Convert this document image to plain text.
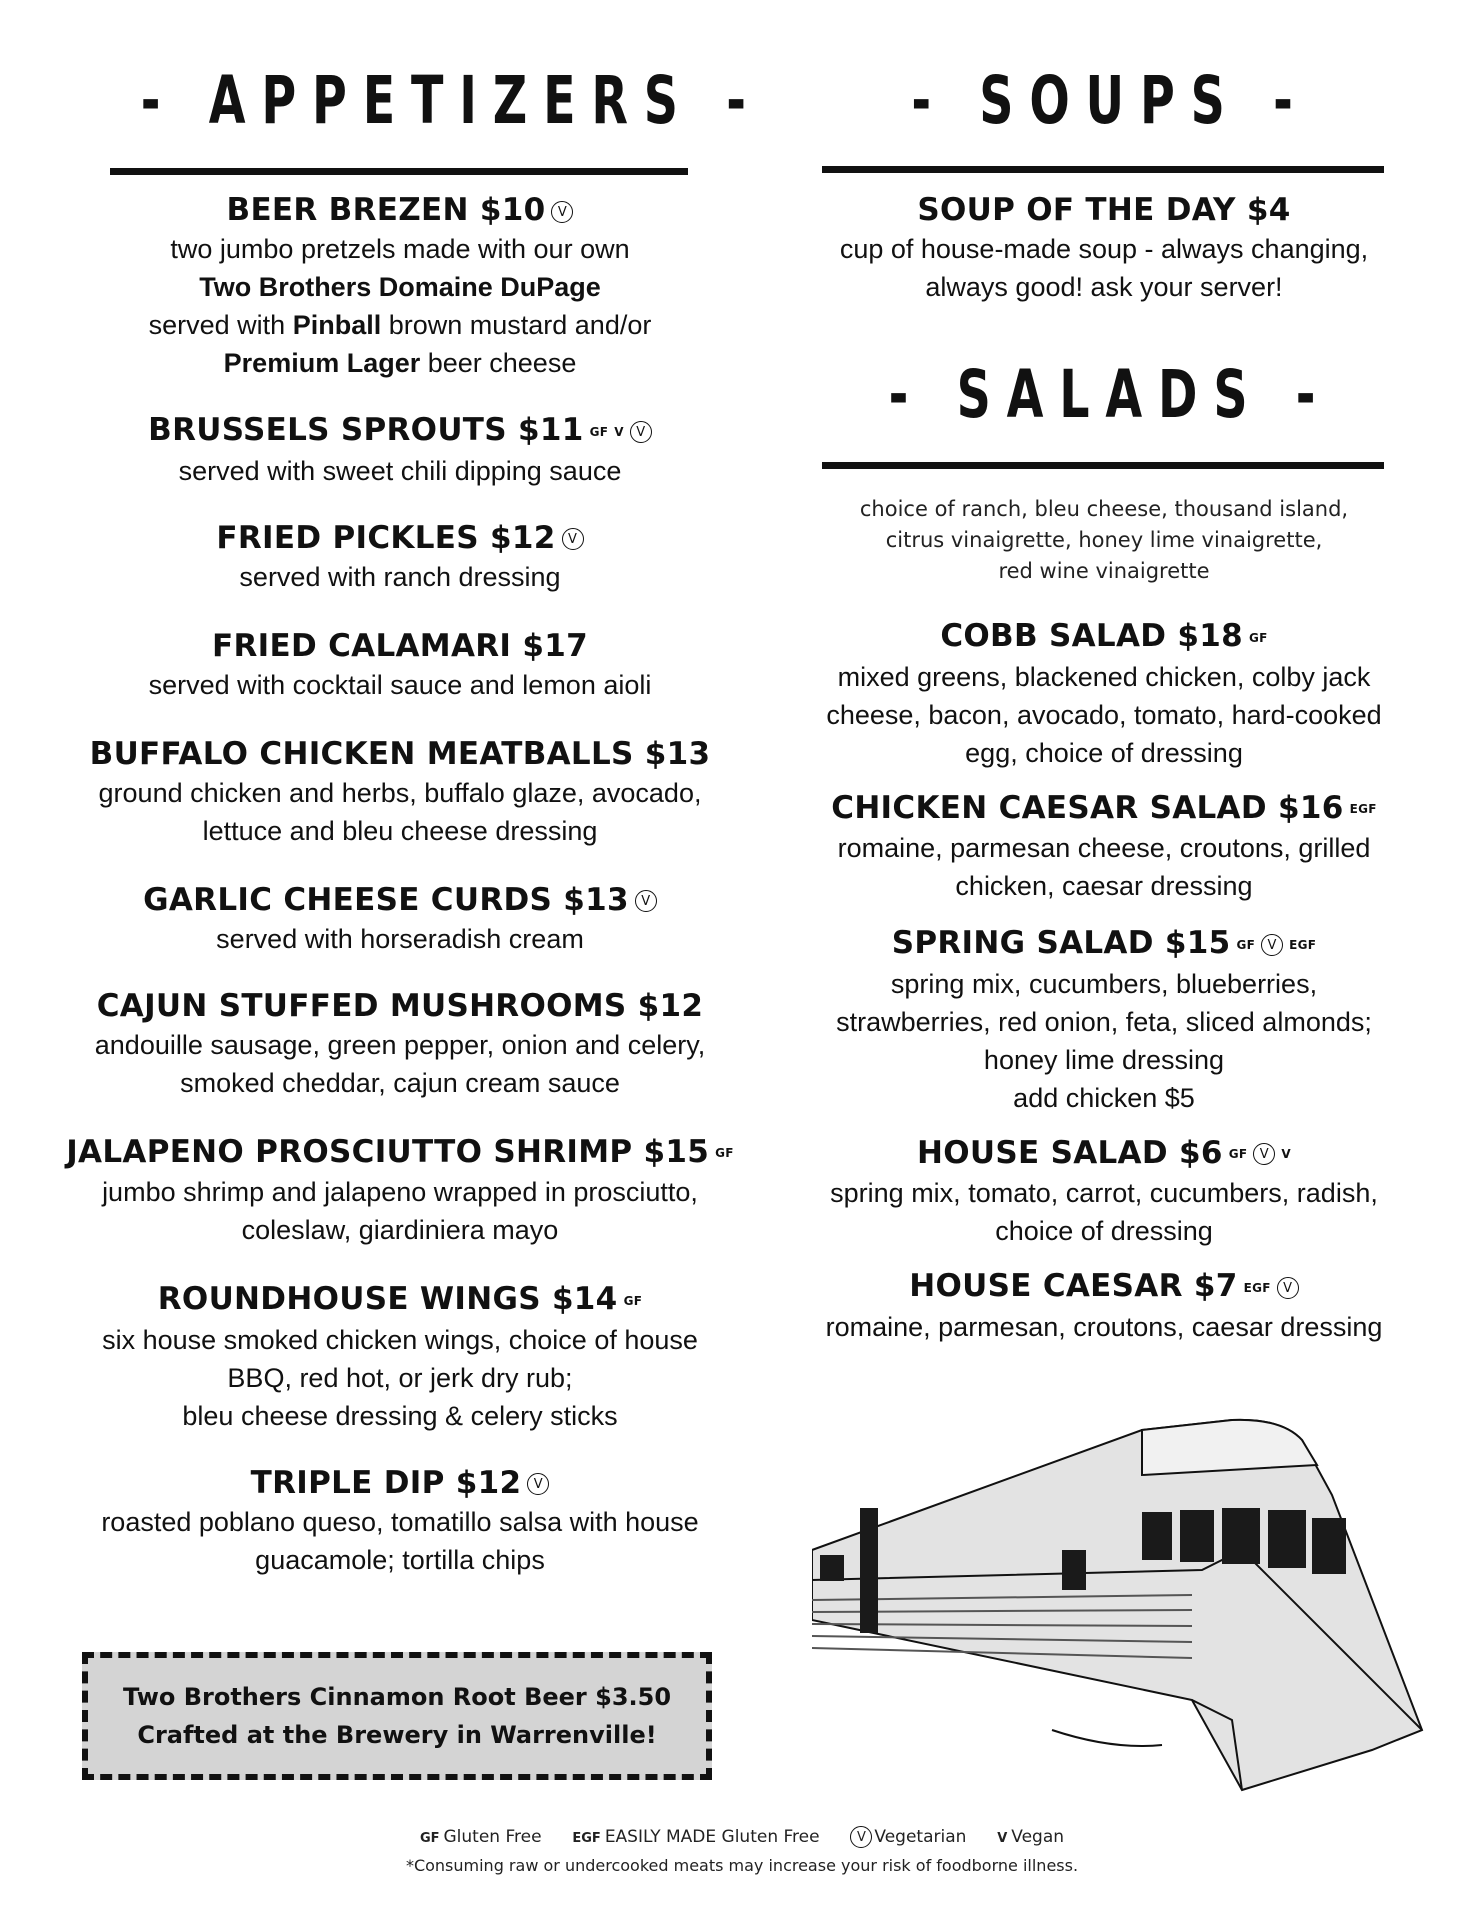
- APPETIZERS -	- SOUPS -
- SALADS -
BEER BREZEN $10 V
two jumbo pretzels made with our own
Two Brothers Domaine DuPage
served with Pinball brown mustard and/or
Premium Lager beer cheese
BRUSSELS SPROUTS $11 GF V V
served with sweet chili dipping sauce
FRIED PICKLES $12 V
served with ranch dressing
FRIED CALAMARI $17
served with cocktail sauce and lemon aioli
BUFFALO CHICKEN MEATBALLS $13
ground chicken and herbs, buffalo glaze, avocado,
lettuce and bleu cheese dressing
GARLIC CHEESE CURDS $13 V
served with horseradish cream
CAJUN STUFFED MUSHROOMS $12
andouille sausage, green pepper, onion and celery,
smoked cheddar, cajun cream sauce
JALAPENO PROSCIUTTO SHRIMP $15 GF
jumbo shrimp and jalapeno wrapped in prosciutto,
coleslaw, giardiniera mayo
ROUNDHOUSE WINGS $14 GF
six house smoked chicken wings, choice of house
BBQ, red hot, or jerk dry rub;
bleu cheese dressing & celery sticks
TRIPLE DIP $12 V
roasted poblano queso, tomatillo salsa with house
guacamole; tortilla chips
SOUP OF THE DAY $4
cup of house-made soup - always changing,
always good! ask your server!
choice of ranch, bleu cheese, thousand island,
citrus vinaigrette, honey lime vinaigrette,
red wine vinaigrette
COBB SALAD $18 GF
mixed greens, blackened chicken, colby jack
cheese, bacon, avocado, tomato, hard-cooked
egg, choice of dressing
CHICKEN CAESAR SALAD $16 EGF
romaine, parmesan cheese, croutons, grilled
chicken, caesar dressing
SPRING SALAD $15 GF V EGF
spring mix, cucumbers, blueberries,
strawberries, red onion, feta, sliced almonds;
honey lime dressing
add chicken $5
HOUSE SALAD $6 GF V V
spring mix, tomato, carrot, cucumbers, radish,
choice of dressing
HOUSE CAESAR $7 EGF V
romaine, parmesan, croutons, caesar dressing
Two Brothers Cinnamon Root Beer $3.50
Crafted at the Brewery in Warrenville!
GF Gluten Free EGF EASILY MADE Gluten Free	V Vegetarian V Vegan
*Consuming raw or undercooked meats may increase your risk of foodborne illness.
